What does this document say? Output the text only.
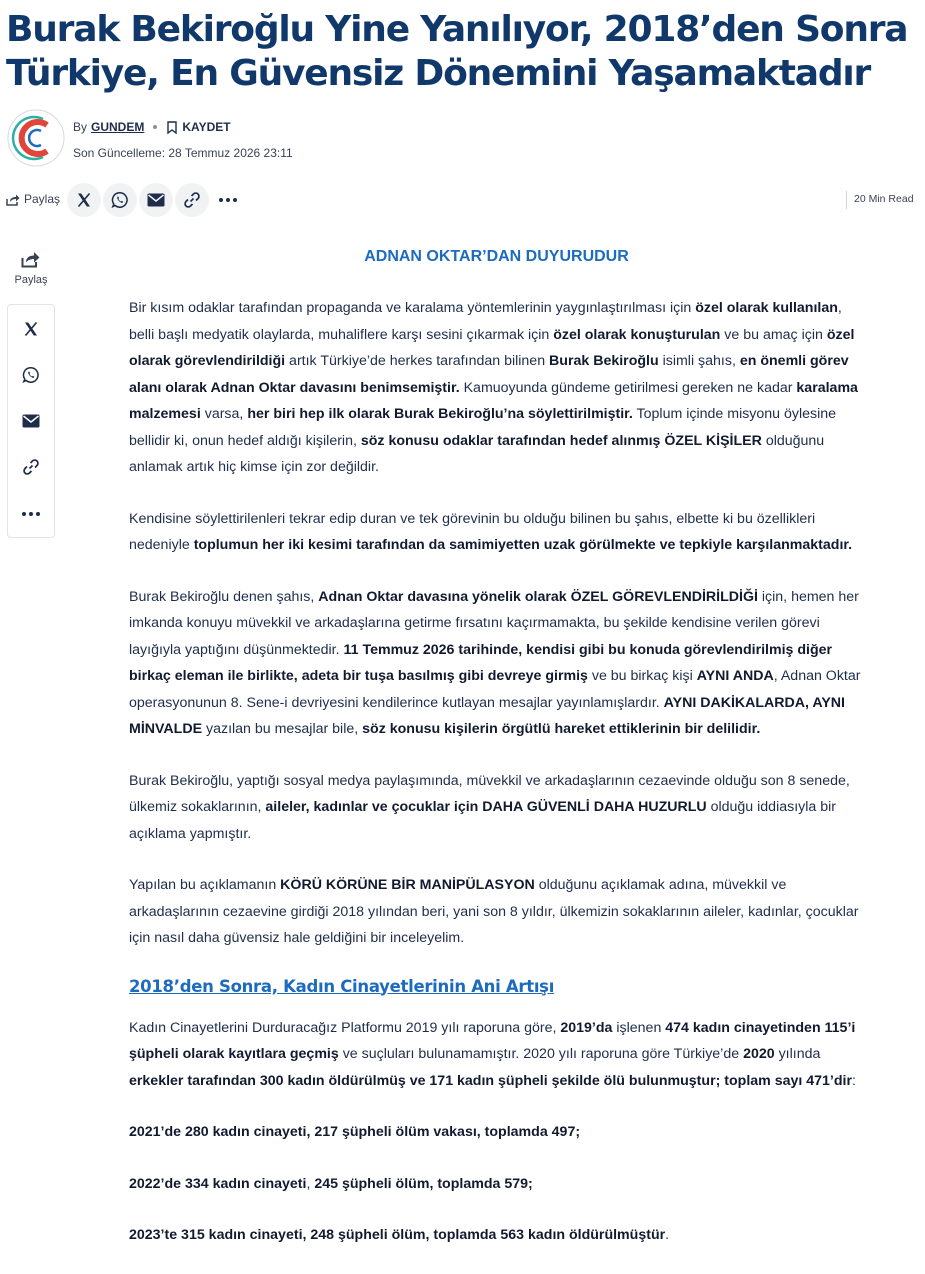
Burak Bekiroğlu Yine Yanılıyor, 2018’den Sonra Türkiye, En Güvensiz Dönemini Yaşamaktadır
By GUNDEM	KAYDET
Son Güncelleme: 28 Temmuz 2026 23:11
Paylaş	20 Min Read
Paylaş
ADNAN OKTAR’DAN DUYURUDUR

Bir kısım odaklar tarafından propaganda ve karalama yöntemlerinin yaygınlaştırılması için özel olarak kullanılan, belli başlı medyatik olaylarda, muhaliflere karşı sesini çıkarmak için özel olarak konuşturulan ve bu amaç için özel olarak görevlendirildiği artık Türkiye’de herkes tarafından bilinen Burak Bekiroğlu isimli şahıs, en önemli görev alanı olarak Adnan Oktar davasını benimsemiştir. Kamuoyunda gündeme getirilmesi gereken ne kadar karalama malzemesi varsa, her biri hep ilk olarak Burak Bekiroğlu’na söylettirilmiştir. Toplum içinde misyonu öylesine bellidir ki, onun hedef aldığı kişilerin, söz konusu odaklar tarafından hedef alınmış ÖZEL KİŞİLER olduğunu anlamak artık hiç kimse için zor değildir.

Kendisine söylettirilenleri tekrar edip duran ve tek görevinin bu olduğu bilinen bu şahıs, elbette ki bu özellikleri nedeniyle toplumun her iki kesimi tarafından da samimiyetten uzak görülmekte ve tepkiyle karşılanmaktadır.

Burak Bekiroğlu denen şahıs, Adnan Oktar davasına yönelik olarak ÖZEL GÖREVLENDİRİLDİĞİ için, hemen her imkanda konuyu müvekkil ve arkadaşlarına getirme fırsatını kaçırmamakta, bu şekilde kendisine verilen görevi layığıyla yaptığını düşünmektedir. 11 Temmuz 2026 tarihinde, kendisi gibi bu konuda görevlendirilmiş diğer birkaç eleman ile birlikte, adeta bir tuşa basılmış gibi devreye girmiş ve bu birkaç kişi AYNI ANDA, Adnan Oktar operasyonunun 8. Sene-i devriyesini kendilerince kutlayan mesajlar yayınlamışlardır. AYNI DAKİKALARDA, AYNI MİNVALDE yazılan bu mesajlar bile, söz konusu kişilerin örgütlü hareket ettiklerinin bir delilidir.

Burak Bekiroğlu, yaptığı sosyal medya paylaşımında, müvekkil ve arkadaşlarının cezaevinde olduğu son 8 senede, ülkemiz sokaklarının, aileler, kadınlar ve çocuklar için DAHA GÜVENLİ DAHA HUZURLU olduğu iddiasıyla bir açıklama yapmıştır.

Yapılan bu açıklamanın KÖRÜ KÖRÜNE BİR MANİPÜLASYON olduğunu açıklamak adına, müvekkil ve arkadaşlarının cezaevine girdiği 2018 yılından beri, yani son 8 yıldır, ülkemizin sokaklarının aileler, kadınlar, çocuklar için nasıl daha güvensiz hale geldiğini bir inceleyelim.

2018’den Sonra, Kadın Cinayetlerinin Ani Artışı

Kadın Cinayetlerini Durduracağız Platformu 2019 yılı raporuna göre, 2019’da işlenen 474 kadın cinayetinden 115’i şüpheli olarak kayıtlara geçmiş ve suçluları bulunamamıştır. 2020 yılı raporuna göre Türkiye’de 2020 yılında erkekler tarafından 300 kadın öldürülmüş ve 171 kadın şüpheli şekilde ölü bulunmuştur; toplam sayı 471’dir:

2021’de 280 kadın cinayeti, 217 şüpheli ölüm vakası, toplamda 497;

2022’de 334 kadın cinayeti, 245 şüpheli ölüm, toplamda 579;

2023’te 315 kadın cinayeti, 248 şüpheli ölüm, toplamda 563 kadın öldürülmüştür.
